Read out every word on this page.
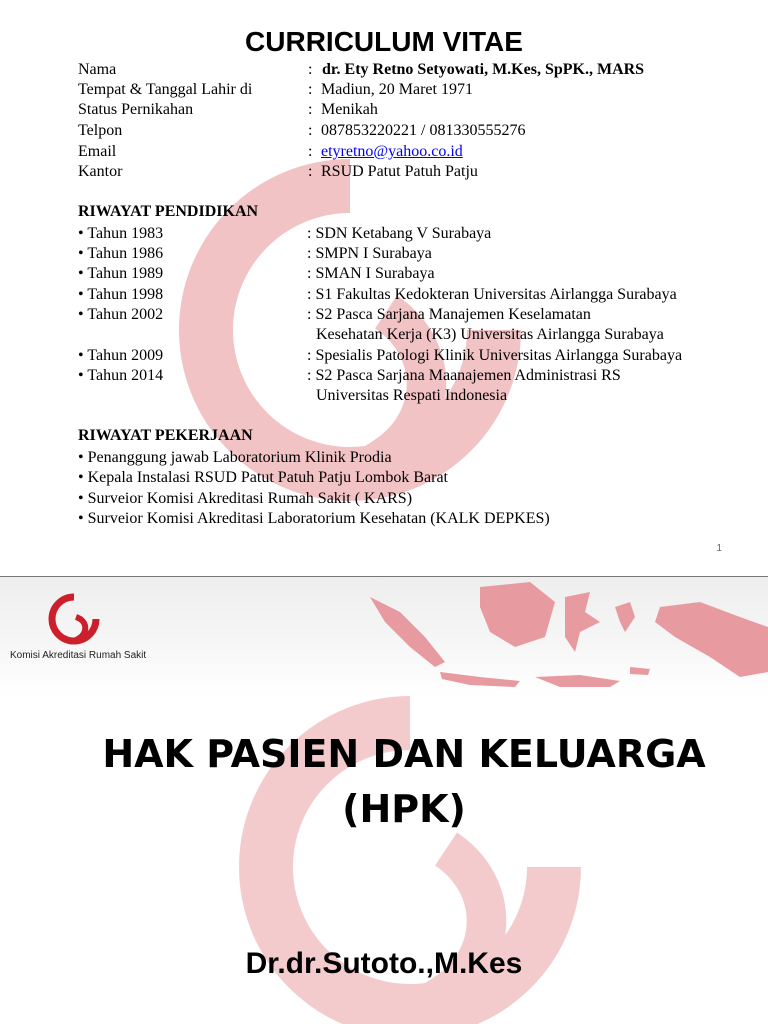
CURRICULUM VITAE
Nama	: dr. Ety Retno Setyowati, M.Kes, SpPK., MARS
Tempat & Tanggal Lahir di	: Madiun, 20 Maret 1971
Status Pernikahan	: Menikah
Telpon	: 087853220221 / 081330555276
Email	: etyretno@yahoo.co.id
Kantor	: RSUD Patut Patuh Patju
RIWAYAT PENDIDIKAN
• Tahun 1983	: SDN Ketabang V Surabaya
• Tahun 1986	: SMPN I Surabaya
• Tahun 1989	: SMAN I Surabaya
• Tahun 1998	: S1 Fakultas Kedokteran Universitas Airlangga Surabaya
• Tahun 2002	: S2 Pasca Sarjana Manajemen Keselamatan
Kesehatan Kerja (K3) Universitas Airlangga Surabaya
• Tahun 2009	: Spesialis Patologi Klinik Universitas Airlangga Surabaya
• Tahun 2014	: S2 Pasca Sarjana Maanajemen Administrasi RS
Universitas Respati Indonesia
RIWAYAT PEKERJAAN
• Penanggung jawab Laboratorium Klinik Prodia
• Kepala Instalasi RSUD Patut Patuh Patju Lombok Barat
• Surveior Komisi Akreditasi Rumah Sakit ( KARS)
• Surveior Komisi Akreditasi Laboratorium Kesehatan (KALK DEPKES)
1
Komisi Akreditasi Rumah Sakit
HAK PASIEN DAN KELUARGA
(HPK)
Dr.dr.Sutoto.,M.Kes
